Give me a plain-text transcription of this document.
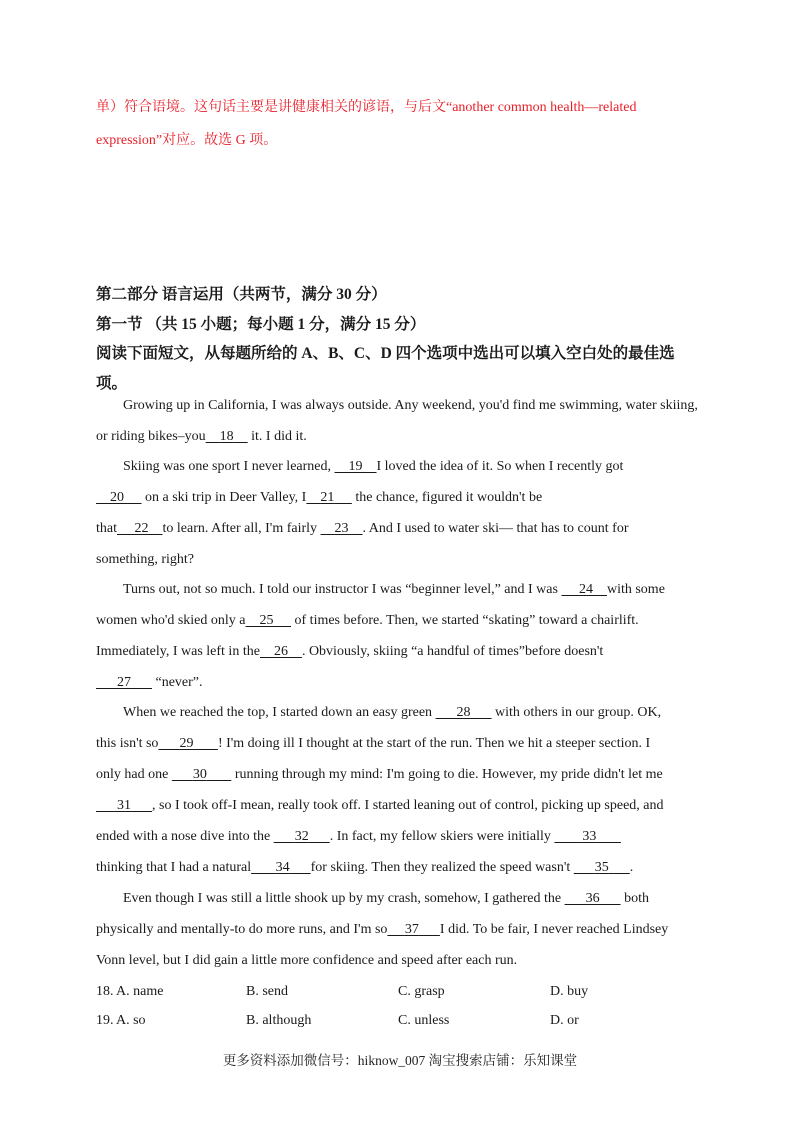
单）符合语境。这句话主要是讲健康相关的谚语，与后文“another common health—related
expression”对应。故选 G 项。
第二部分 语言运用（共两节，满分 30 分）
第一节 （共 15 小题；每小题 1 分，满分 15 分）
阅读下面短文，从每题所给的 A、B、C、D 四个选项中选出可以填入空白处的最佳选
项。
Growing up in California, I was always outside. Any weekend, you'd find me swimming, water skiing,
or riding bikes–you 18     it. I did it.
Skiing was one sport I never learned,     19 I loved the idea of it. So when I recently got
20      on a ski trip in Deer Valley, I 21      the chance, figured it wouldn't be
that 22 to learn. After all, I'm fairly     23 . And I used to water ski— that has to count for
something, right?
Turns out, not so much. I told our instructor I was “beginner level,” and I was      24 with some
women who'd skied only a 25      of times before. Then, we started “skating” toward a chairlift.
Immediately, I was left in the 26 . Obviously, skiing “a handful of times”before doesn't
27       “never”.
When we reached the top, I started down an easy green       28       with others in our group. OK,
this isn't so 29 ! I'm doing ill I thought at the start of the run. Then we hit a steeper section. I
only had one       30        running through my mind: I'm going to die. However, my pride didn't let me
31 , so I took off-I mean, really took off. I started leaning out of control, picking up speed, and
ended with a nose dive into the       32 . In fact, my fellow skiers were initially         33
thinking that I had a natural 34 for skiing. Then they realized the speed wasn't       35 .
Even though I was still a little shook up by my crash, somehow, I gathered the       36       both
physically and mentally-to do more runs, and I'm so 37 I did. To be fair, I never reached Lindsey
Vonn level, but I did gain a little more confidence and speed after each run.
18. A. name	B. send	C. grasp	D. buy
19. A. so	B. although	C. unless	D. or
更多资料添加微信号：hiknow_007 淘宝搜索店铺：乐知课堂
